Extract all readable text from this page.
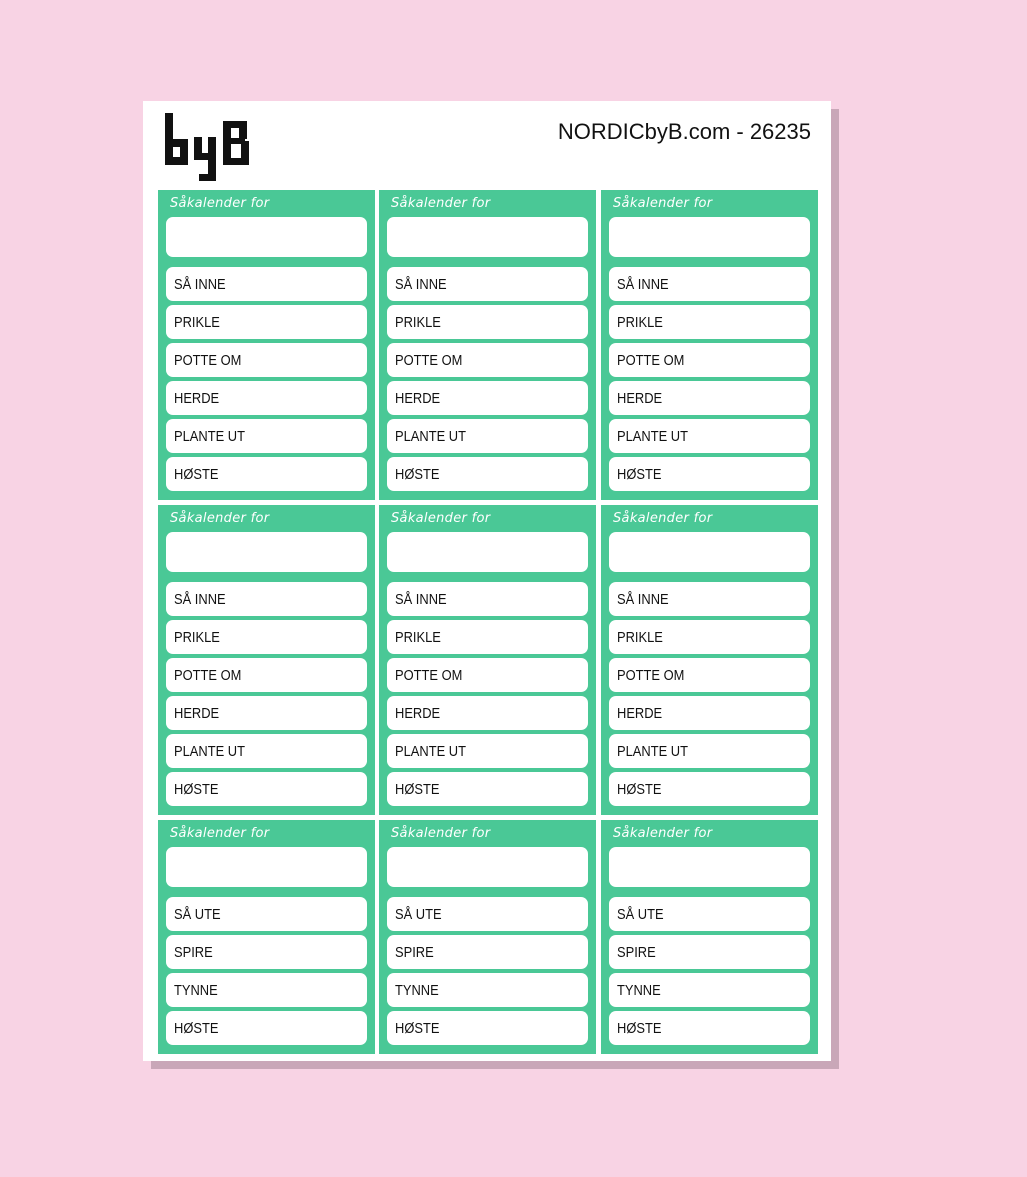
NORDICbyB.com - 26235
Såkalender for
SÅ INNE
PRIKLE
POTTE OM
HERDE
PLANTE UT
HØSTE
Såkalender for
SÅ INNE
PRIKLE
POTTE OM
HERDE
PLANTE UT
HØSTE
Såkalender for
SÅ INNE
PRIKLE
POTTE OM
HERDE
PLANTE UT
HØSTE
Såkalender for
SÅ INNE
PRIKLE
POTTE OM
HERDE
PLANTE UT
HØSTE
Såkalender for
SÅ INNE
PRIKLE
POTTE OM
HERDE
PLANTE UT
HØSTE
Såkalender for
SÅ INNE
PRIKLE
POTTE OM
HERDE
PLANTE UT
HØSTE
Såkalender for
SÅ UTE
SPIRE
TYNNE
HØSTE
Såkalender for
SÅ UTE
SPIRE
TYNNE
HØSTE
Såkalender for
SÅ UTE
SPIRE
TYNNE
HØSTE
